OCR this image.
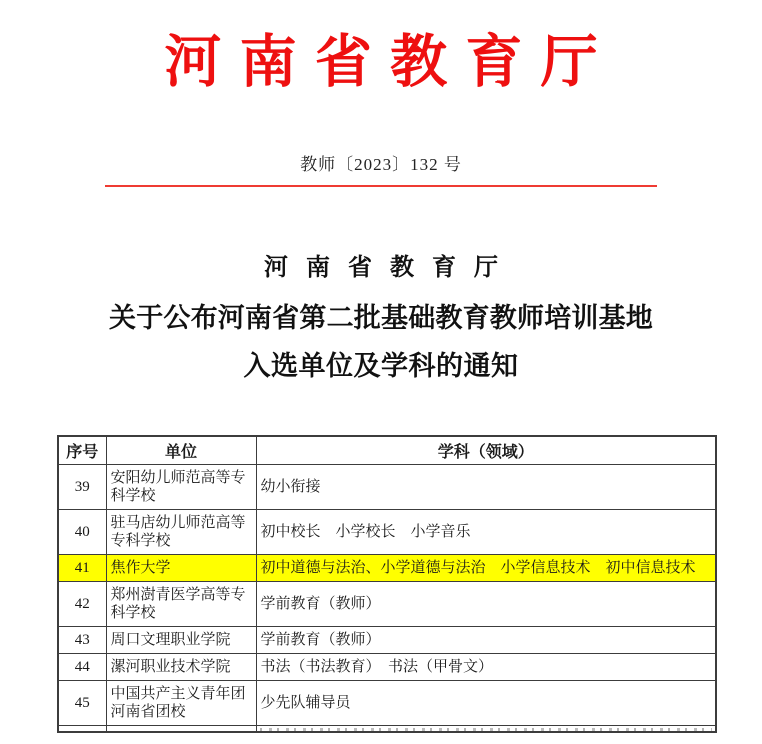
河 南 省 教 育 厅
教师〔2023〕132 号
河 南 省 教 育 厅
关于公布河南省第二批基础教育教师培训基地
入选单位及学科的通知
序号	单位	学科（领域）
39	安阳幼儿师范高等专科学校	幼小衔接
40	驻马店幼儿师范高等专科学校	初中校长　小学校长　小学音乐
41	焦作大学	初中道德与法治、小学道德与法治　小学信息技术　初中信息技术
42	郑州澍青医学高等专科学校	学前教育（教师）
43	周口文理职业学院	学前教育（教师）
44	漯河职业技术学院	书法（书法教育）　书法（甲骨文）
45	中国共产主义青年团河南省团校	少先队辅导员
